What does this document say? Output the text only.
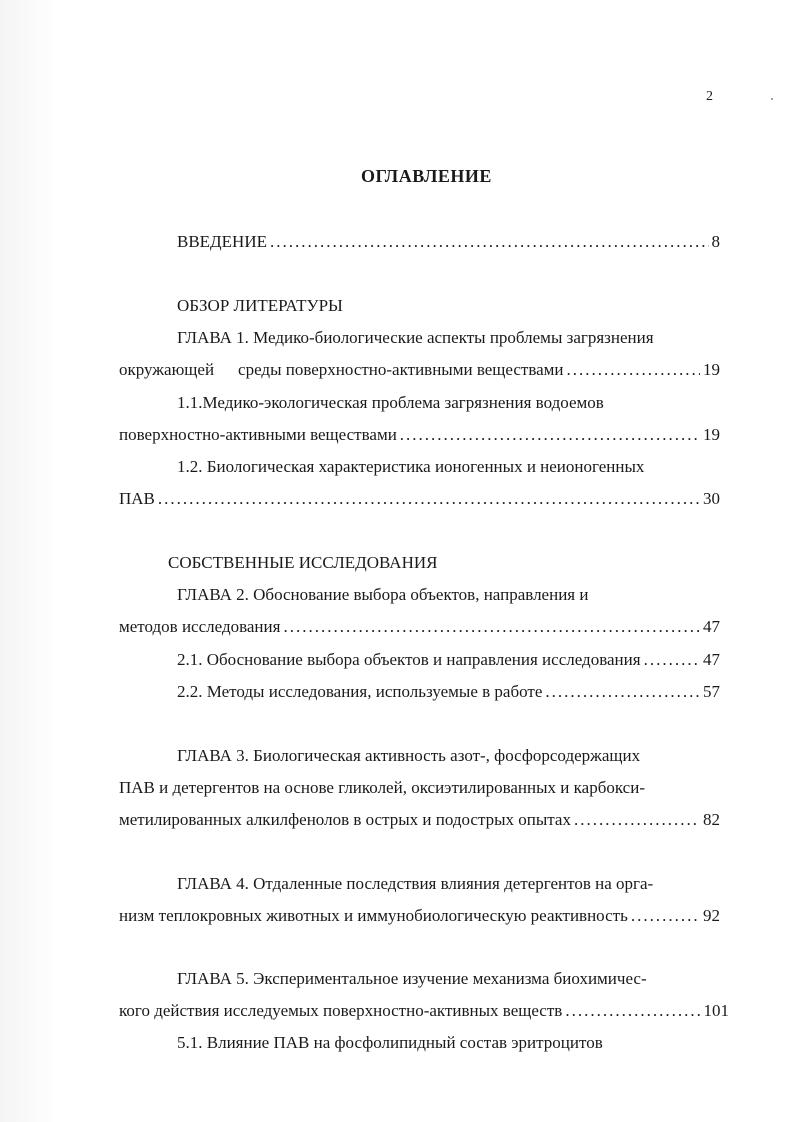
2
ОГЛАВЛЕНИЕ
ВВЕДЕНИЕ .....	8
ОБЗОР ЛИТЕРАТУРЫ
ГЛАВА 1. Медико-биологические аспекты проблемы загрязнения
окружающей среды поверхностно-активными веществами .....	19
1.1.Медико-экологическая проблема загрязнения водоемов
поверхностно-активными веществами .....	19
1.2. Биологическая характеристика ионогенных и неионогенных
ПАВ .....	30
СОБСТВЕННЫЕ ИССЛЕДОВАНИЯ
ГЛАВА 2. Обоснование выбора объектов, направления и
методов исследования .....	47
2.1. Обоснование выбора объектов и направления исследования .....	47
2.2. Методы исследования, используемые в работе .....	57
ГЛАВА 3. Биологическая активность азот-, фосфорсодержащих
ПАВ и детергентов на основе гликолей, оксиэтилированных и карбокси-
метилированных алкилфенолов в острых и подострых опытах .....	82
ГЛАВА 4. Отдаленные последствия влияния детергентов на орга-
низм теплокровных животных и иммунобиологическую реактивность .....	92
ГЛАВА 5. Экспериментальное изучение механизма биохимичес-
кого действия исследуемых поверхностно-активных веществ .....	101
5.1. Влияние ПАВ на фосфолипидный состав эритроцитов
